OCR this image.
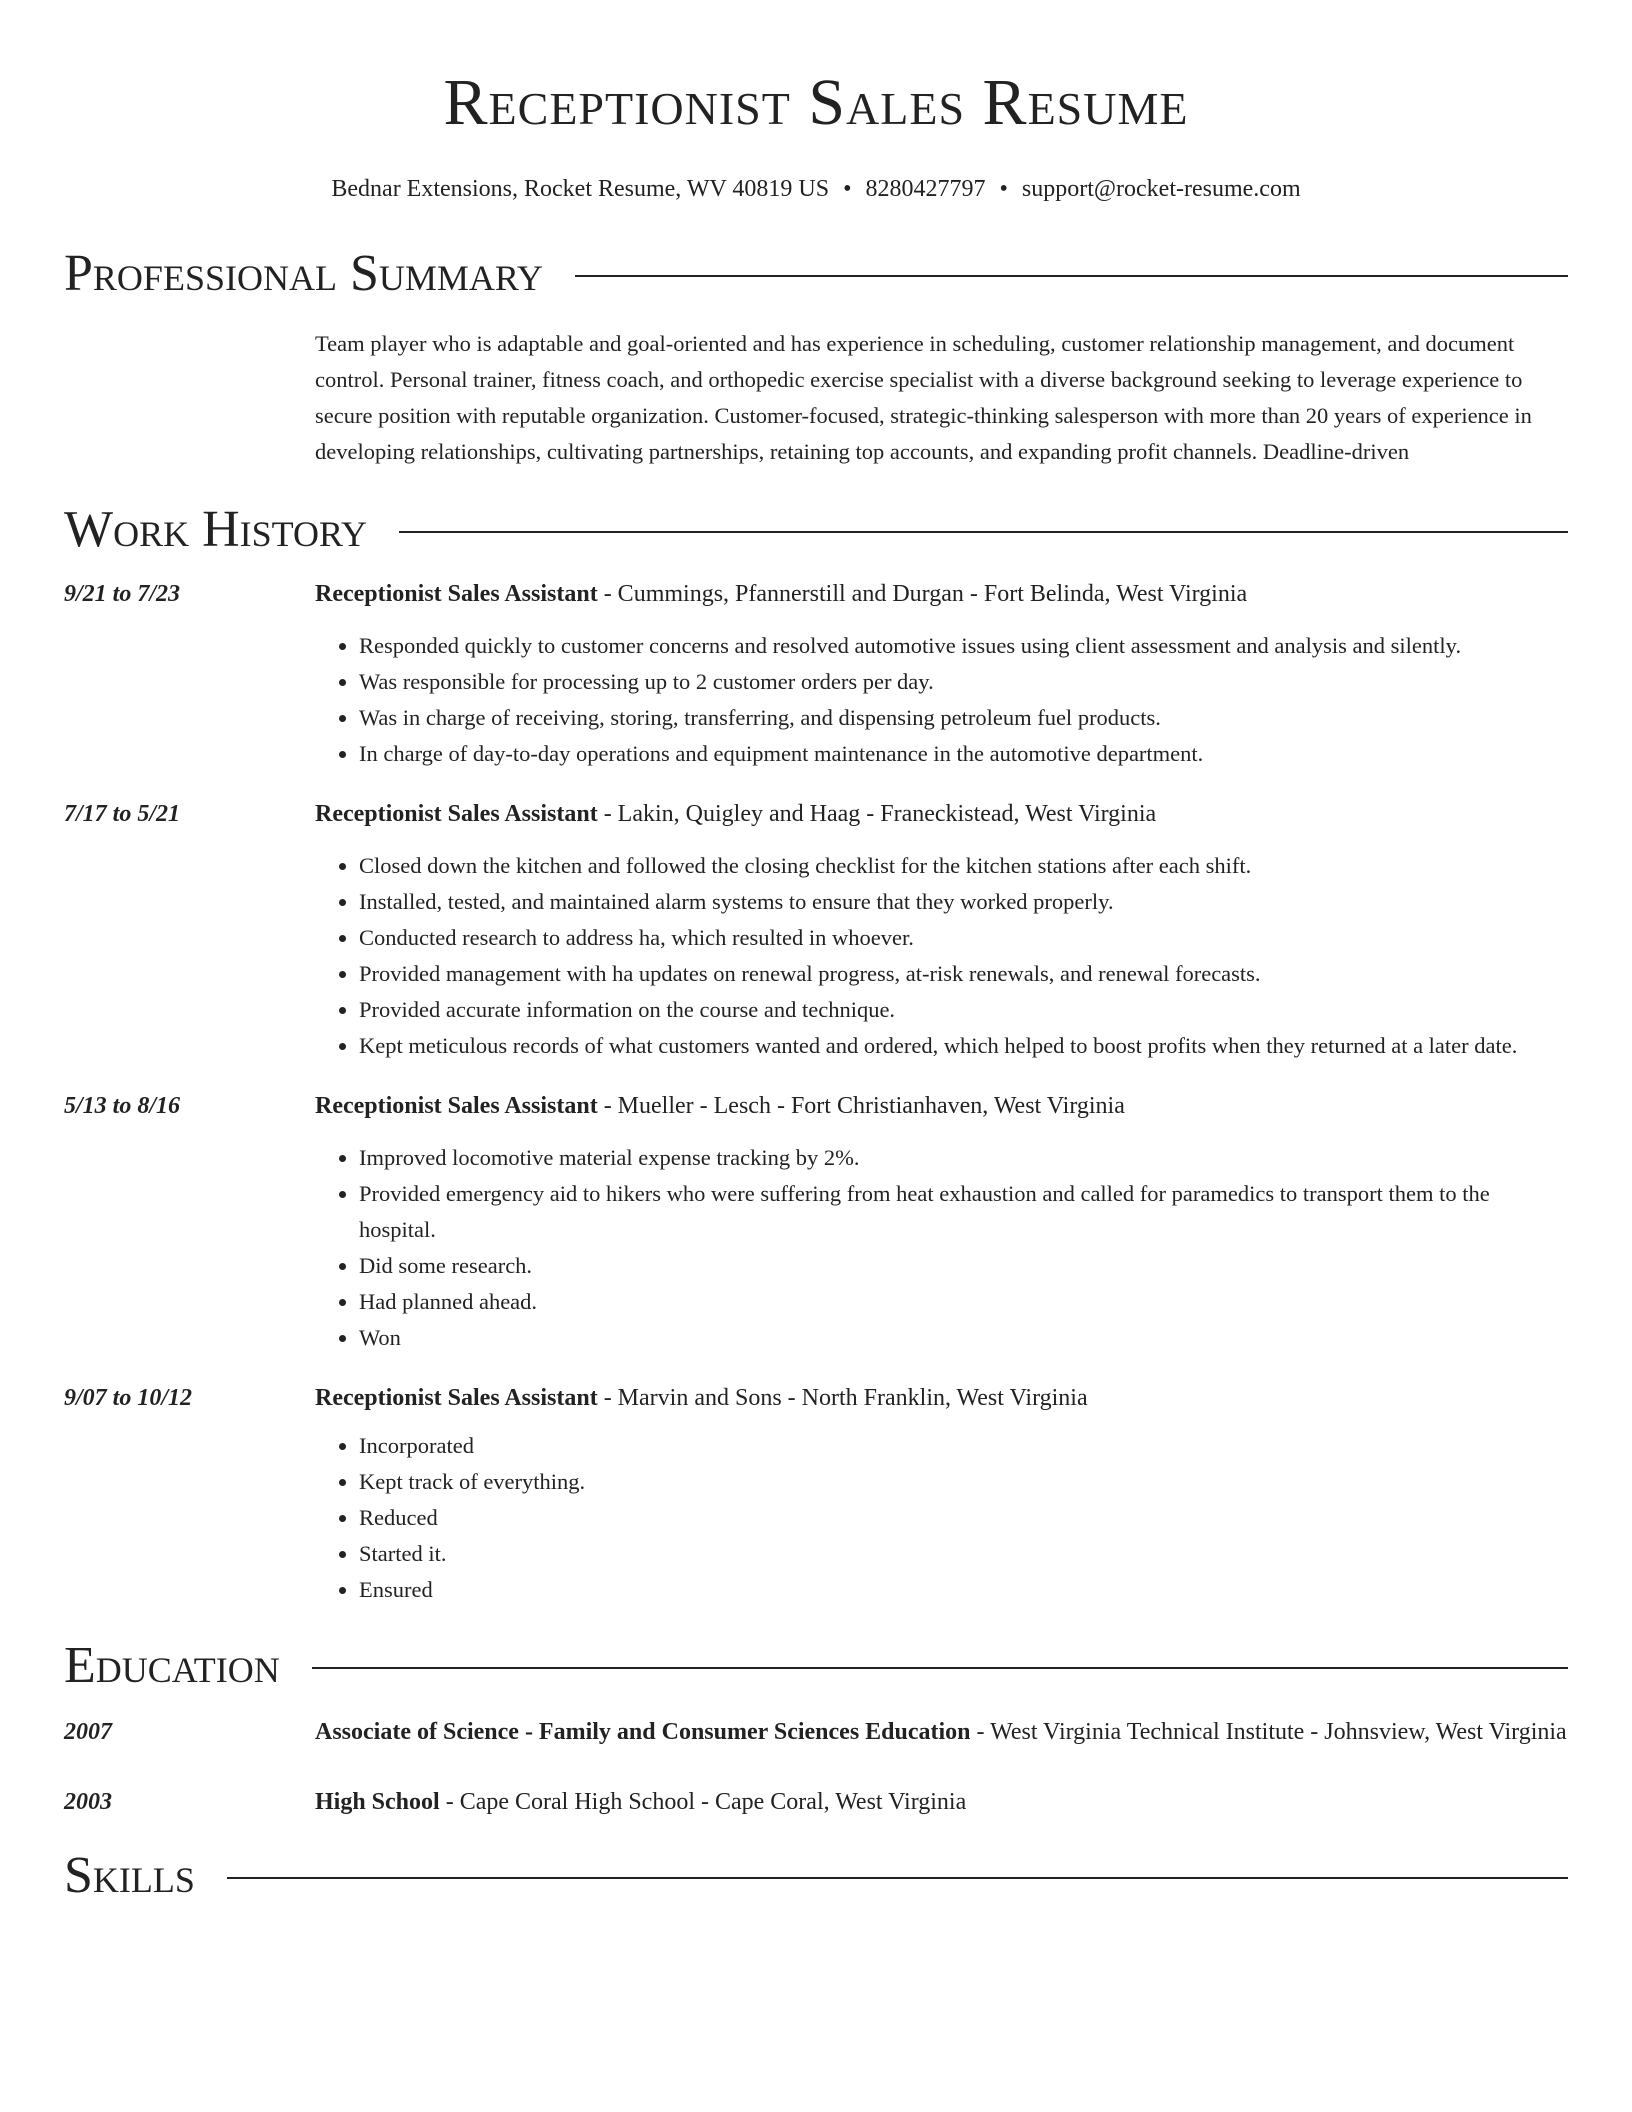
Receptionist Sales Resume
Bednar Extensions, Rocket Resume, WV 40819 US • 8280427797 • support@rocket-resume.com
Professional Summary
Team player who is adaptable and goal-oriented and has experience in scheduling, customer relationship management, and document control. Personal trainer, fitness coach, and orthopedic exercise specialist with a diverse background seeking to leverage experience to secure position with reputable organization. Customer-focused, strategic-thinking salesperson with more than 20 years of experience in developing relationships, cultivating partnerships, retaining top accounts, and expanding profit channels. Deadline-driven
Work History
9/21 to 7/23	Receptionist Sales Assistant - Cummings, Pfannerstill and Durgan - Fort Belinda, West Virginia
• Responded quickly to customer concerns and resolved automotive issues using client assessment and analysis and silently.
• Was responsible for processing up to 2 customer orders per day.
• Was in charge of receiving, storing, transferring, and dispensing petroleum fuel products.
• In charge of day-to-day operations and equipment maintenance in the automotive department.
7/17 to 5/21	Receptionist Sales Assistant - Lakin, Quigley and Haag - Franeckistead, West Virginia
• Closed down the kitchen and followed the closing checklist for the kitchen stations after each shift.
• Installed, tested, and maintained alarm systems to ensure that they worked properly.
• Conducted research to address ha, which resulted in whoever.
• Provided management with ha updates on renewal progress, at-risk renewals, and renewal forecasts.
• Provided accurate information on the course and technique.
• Kept meticulous records of what customers wanted and ordered, which helped to boost profits when they returned at a later date.
5/13 to 8/16	Receptionist Sales Assistant - Mueller - Lesch - Fort Christianhaven, West Virginia
• Improved locomotive material expense tracking by 2%.
• Provided emergency aid to hikers who were suffering from heat exhaustion and called for paramedics to transport them to the hospital.
• Did some research.
• Had planned ahead.
• Won
9/07 to 10/12	Receptionist Sales Assistant - Marvin and Sons - North Franklin, West Virginia
• Incorporated
• Kept track of everything.
• Reduced
• Started it.
• Ensured
Education
2007	Associate of Science - Family and Consumer Sciences Education - West Virginia Technical Institute - Johnsview, West Virginia
2003	High School - Cape Coral High School - Cape Coral, West Virginia
Skills
